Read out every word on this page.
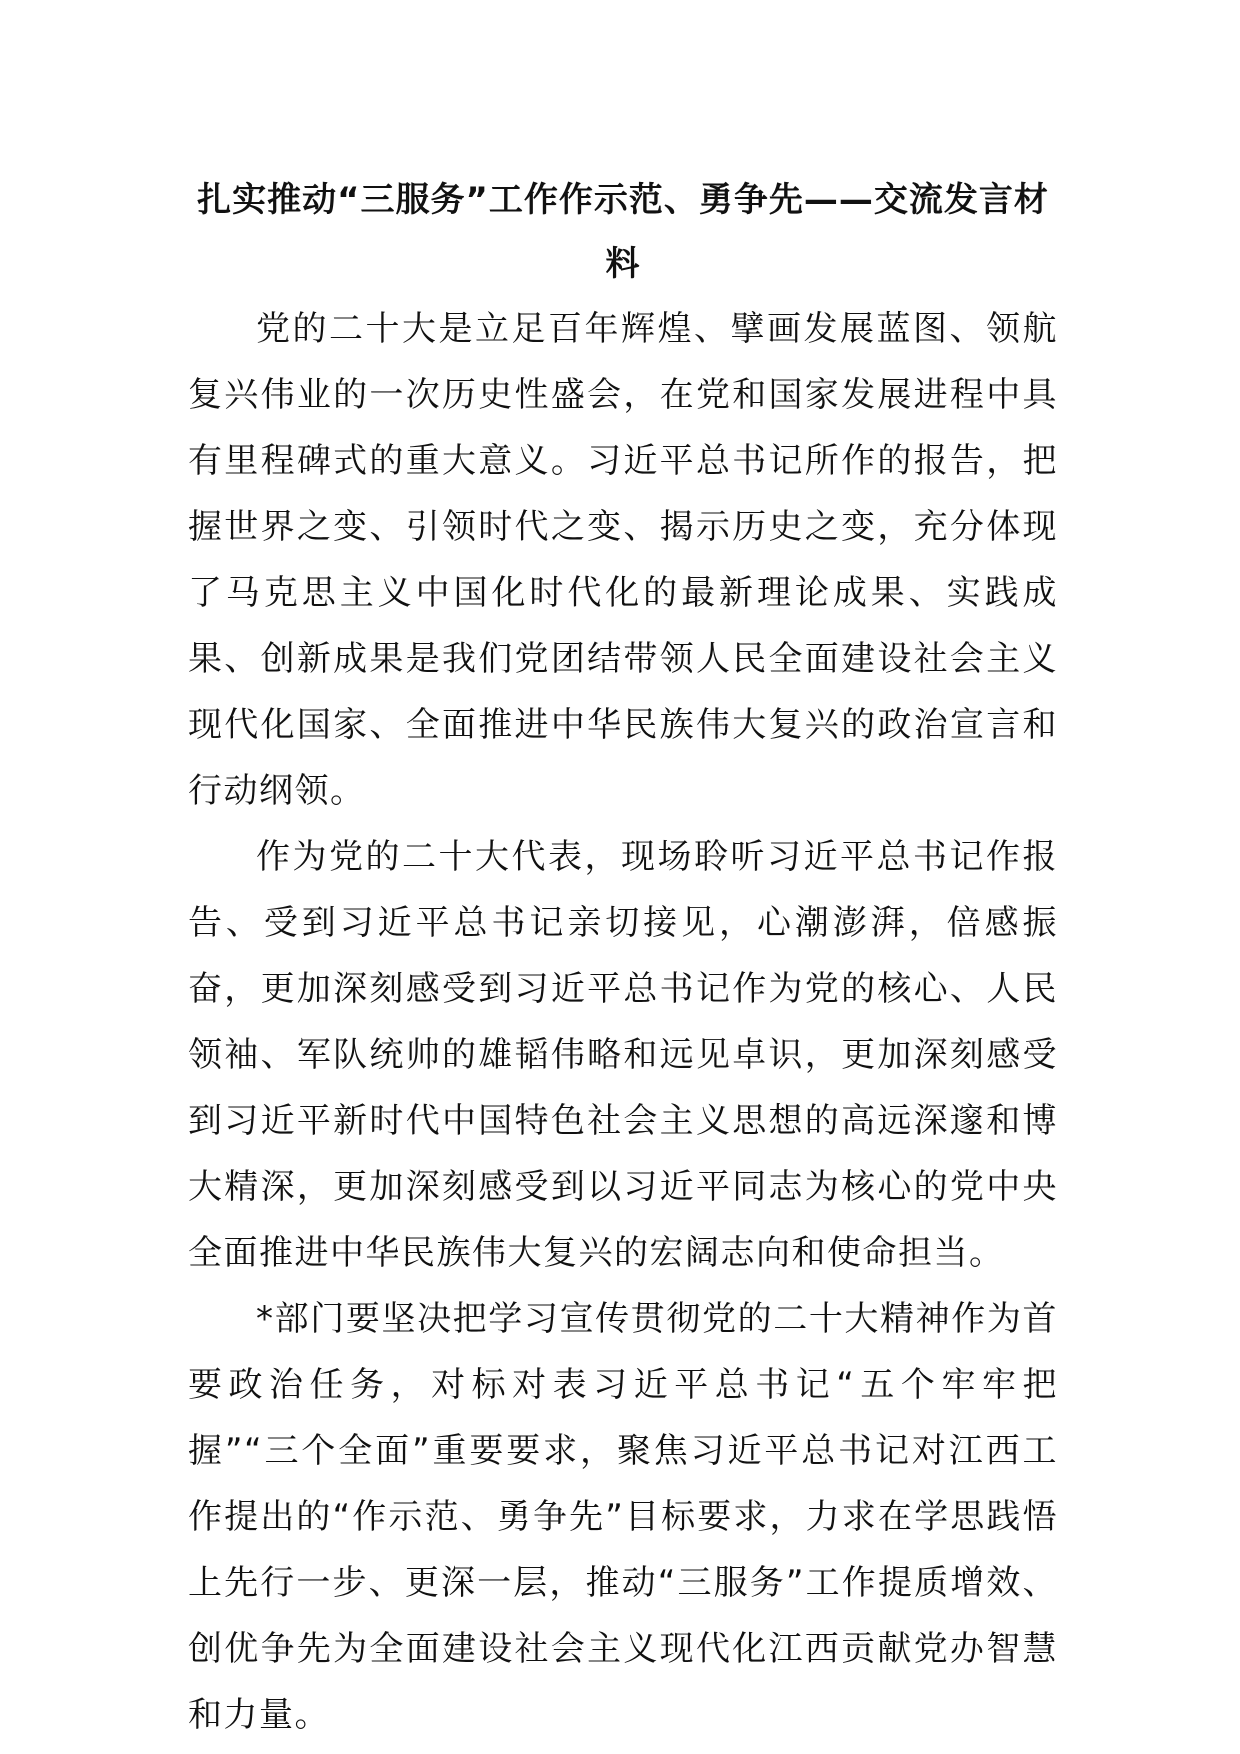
扎实推动“三服务”工作作示范、勇争先——交流发言材料

党的二十大是立足百年辉煌、擘画发展蓝图、领航复兴伟业的一次历史性盛会，在党和国家发展进程中具有里程碑式的重大意义。习近平总书记所作的报告，把握世界之变、引领时代之变、揭示历史之变，充分体现了马克思主义中国化时代化的最新理论成果、实践成果、创新成果是我们党团结带领人民全面建设社会主义现代化国家、全面推进中华民族伟大复兴的政治宣言和行动纲领。

作为党的二十大代表，现场聆听习近平总书记作报告、受到习近平总书记亲切接见，心潮澎湃，倍感振奋，更加深刻感受到习近平总书记作为党的核心、人民领袖、军队统帅的雄韬伟略和远见卓识，更加深刻感受到习近平新时代中国特色社会主义思想的高远深邃和博大精深，更加深刻感受到以习近平同志为核心的党中央全面推进中华民族伟大复兴的宏阔志向和使命担当。

*部门要坚决把学习宣传贯彻党的二十大精神作为首要政治任务，对标对表习近平总书记“五个牢牢把握”“三个全面”重要要求，聚焦习近平总书记对江西工作提出的“作示范、勇争先”目标要求，力求在学思践悟上先行一步、更深一层，推动“三服务”工作提质增效、创优争先为全面建设社会主义现代化江西贡献党办智慧和力量。
